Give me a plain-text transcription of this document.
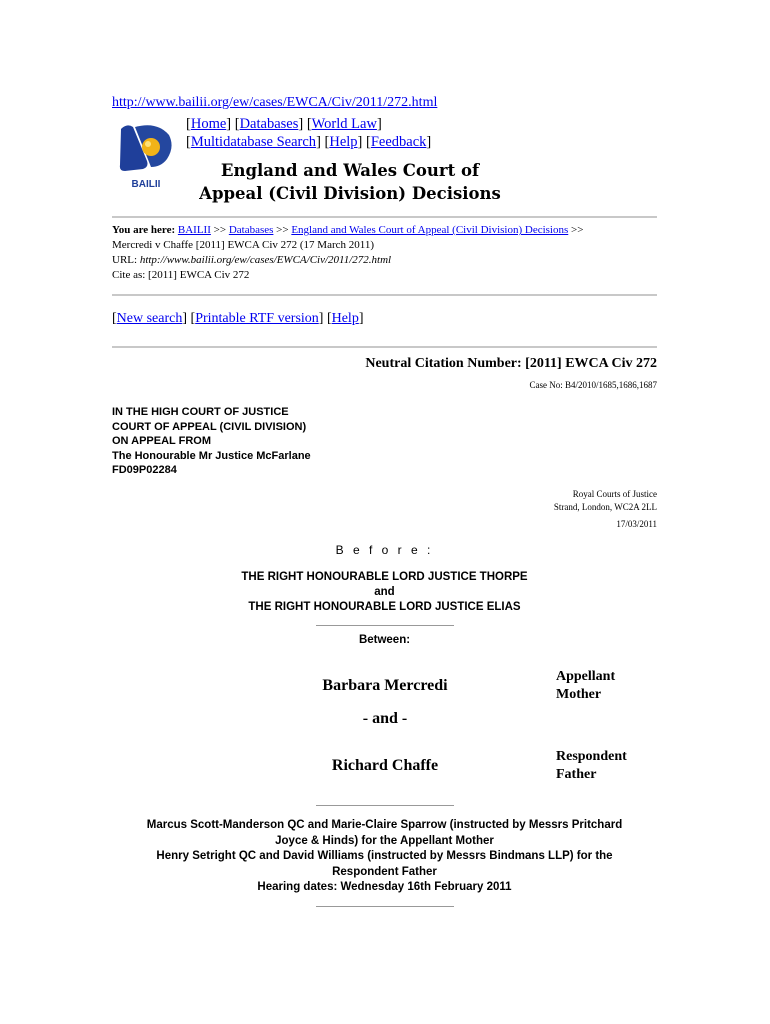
http://www.bailii.org/ew/cases/EWCA/Civ/2011/272.html
BAILII
[Home] [Databases] [World Law]
[Multidatabase Search] [Help] [Feedback]
England and Wales Court of
Appeal (Civil Division) Decisions
You are here: BAILII >> Databases >> England and Wales Court of Appeal (Civil Division) Decisions >>
Mercredi v Chaffe [2011] EWCA Civ 272 (17 March 2011)
URL: http://www.bailii.org/ew/cases/EWCA/Civ/2011/272.html
Cite as: [2011] EWCA Civ 272
[New search] [Printable RTF version] [Help]
Neutral Citation Number: [2011] EWCA Civ 272
Case No: B4/2010/1685,1686,1687
IN THE HIGH COURT OF JUSTICE
COURT OF APPEAL (CIVIL DIVISION)
ON APPEAL FROM
The Honourable Mr Justice McFarlane
FD09P02284
Royal Courts of Justice
Strand, London, WC2A 2LL
17/03/2011
B e f o r e :
THE RIGHT HONOURABLE LORD JUSTICE THORPE
and
THE RIGHT HONOURABLE LORD JUSTICE ELIAS
Between:
Barbara Mercredi
Appellant
Mother
- and -
Richard Chaffe
Respondent
Father
Marcus Scott-Manderson QC and Marie-Claire Sparrow (instructed by Messrs Pritchard
Joyce & Hinds) for the Appellant Mother
Henry Setright QC and David Williams (instructed by Messrs Bindmans LLP) for the
Respondent Father
Hearing dates: Wednesday 16th February 2011
